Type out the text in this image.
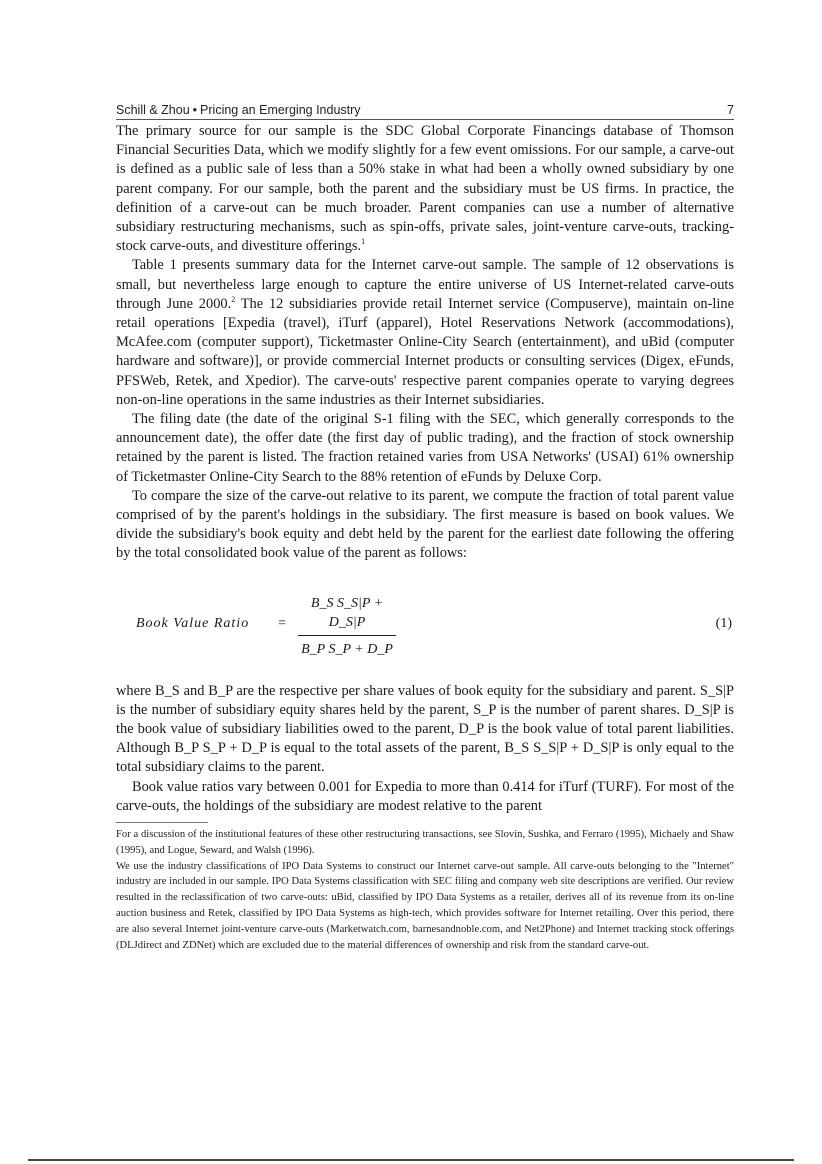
Schill & Zhou • Pricing an Emerging Industry	7

The primary source for our sample is the SDC Global Corporate Financings database of Thomson Financial Securities Data, which we modify slightly for a few event omissions. For our sample, a carve-out is defined as a public sale of less than a 50% stake in what had been a wholly owned subsidiary by one parent company. For our sample, both the parent and the subsidiary must be US firms. In practice, the definition of a carve-out can be much broader. Parent companies can use a number of alternative subsidiary restructuring mechanisms, such as spin-offs, private sales, joint-venture carve-outs, tracking-stock carve-outs, and divestiture offerings.$^1$

Table 1 presents summary data for the Internet carve-out sample. The sample of 12 observations is small, but nevertheless large enough to capture the entire universe of US Internet-related carve-outs through June 2000.$^2$ The 12 subsidiaries provide retail Internet service (Compuserve), maintain on-line retail operations [Expedia (travel), iTurf (apparel), Hotel Reservations Network (accommodations), McAfee.com (computer support), Ticketmaster Online-City Search (entertainment), and uBid (computer hardware and software)], or provide commercial Internet products or consulting services (Digex, eFunds, PFSWeb, Retek, and Xpedior). The carve-outs' respective parent companies operate to varying degrees non-on-line operations in the same industries as their Internet subsidiaries.

The filing date (the date of the original S-1 filing with the SEC, which generally corresponds to the announcement date), the offer date (the first day of public trading), and the fraction of stock ownership retained by the parent is listed. The fraction retained varies from USA Networks' (USAI) 61% ownership of Ticketmaster Online-City Search to the 88% retention of eFunds by Deluxe Corp.

To compare the size of the carve-out relative to its parent, we compute the fraction of total parent value comprised of by the parent's holdings in the subsidiary. The first measure is based on book values. We divide the subsidiary's book equity and debt held by the parent for the earliest date following the offering by the total consolidated book value of the parent as follows:

Book Value Ratio =
B_S S_S|P + D_S|P
B_P S_P + D_P
(1)

where B_S and B_P are the respective per share values of book equity for the subsidiary and parent. S_S|P is the number of subsidiary equity shares held by the parent, S_P is the number of parent shares. D_S|P is the book value of subsidiary liabilities owed to the parent, D_P is the book value of total parent liabilities. Although B_P S_P + D_P is equal to the total assets of the parent, B_S S_S|P + D_S|P is only equal to the total subsidiary claims to the parent.

Book value ratios vary between 0.001 for Expedia to more than 0.414 for iTurf (TURF). For most of the carve-outs, the holdings of the subsidiary are modest relative to the parent

For a discussion of the institutional features of these other restructuring transactions, see Slovin, Sushka, and Ferraro (1995), Michaely and Shaw (1995), and Logue, Seward, and Walsh (1996).

We use the industry classifications of IPO Data Systems to construct our Internet carve-out sample. All carve-outs belonging to the "Internet" industry are included in our sample. IPO Data Systems classification with SEC filing and company web site descriptions are verified. Our review resulted in the reclassification of two carve-outs: uBid, classified by IPO Data Systems as a retailer, derives all of its revenue from its on-line auction business and Retek, classified by IPO Data Systems as high-tech, which provides software for Internet retailing. Over this period, there are also several Internet joint-venture carve-outs (Marketwatch.com, barnesandnoble.com, and Net2Phone) and Internet tracking stock offerings (DLJdirect and ZDNet) which are excluded due to the material differences of ownership and risk from the standard carve-out.
